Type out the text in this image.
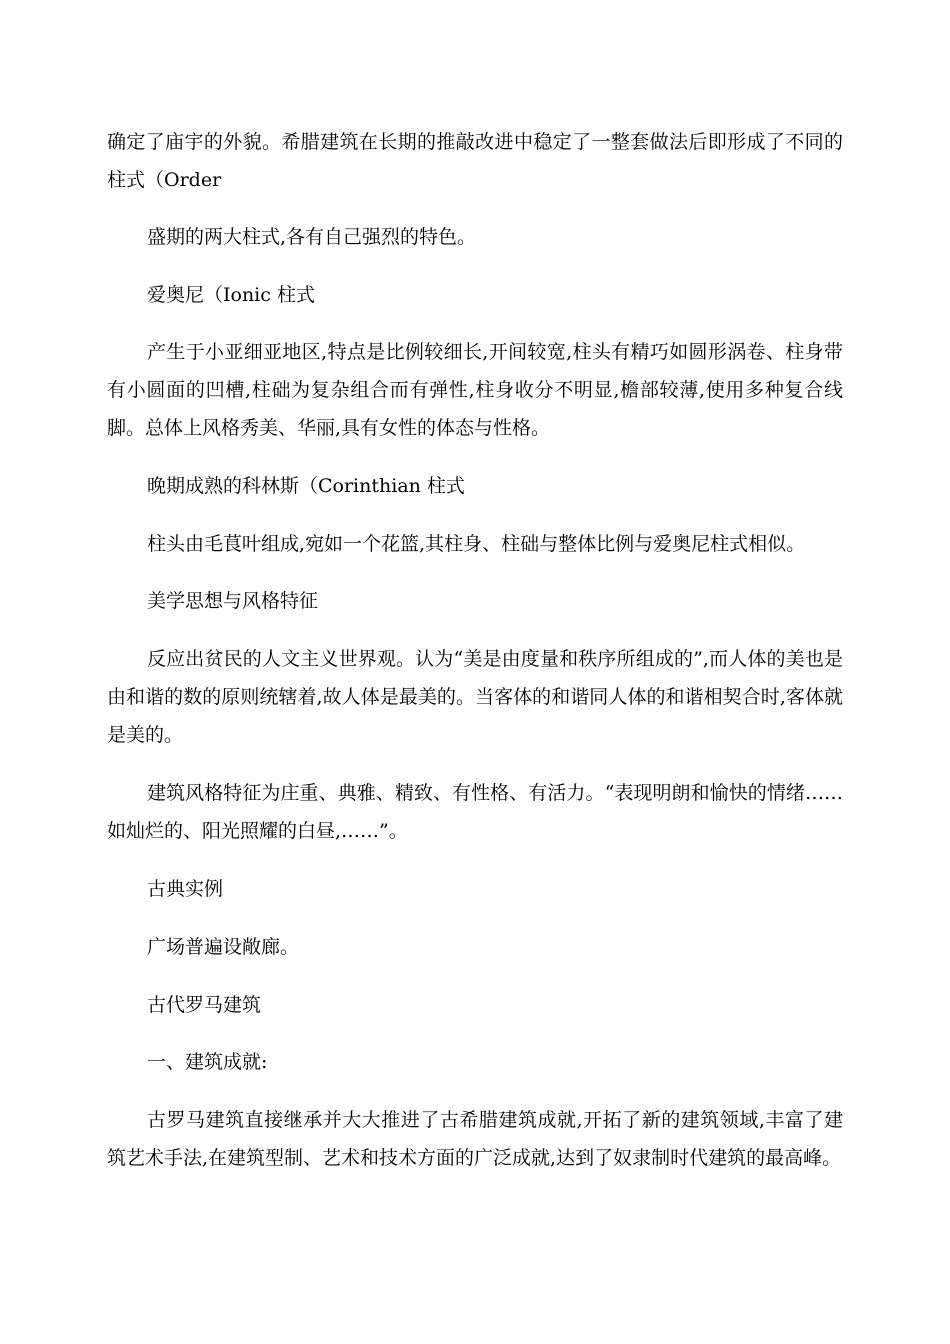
确定了庙宇的外貌。希腊建筑在长期的推敲改进中稳定了一整套做法后即形成了不同的柱式（Order

盛期的两大柱式,各有自己强烈的特色。

爱奥尼（Ionic 柱式

产生于小亚细亚地区,特点是比例较细长,开间较宽,柱头有精巧如圆形涡卷、柱身带有小圆面的凹槽,柱础为复杂组合而有弹性,柱身收分不明显,檐部较薄,使用多种复合线脚。总体上风格秀美、华丽,具有女性的体态与性格。

晚期成熟的科林斯（Corinthian 柱式

柱头由毛茛叶组成,宛如一个花篮,其柱身、柱础与整体比例与爱奥尼柱式相似。

美学思想与风格特征

反应出贫民的人文主义世界观。认为“美是由度量和秩序所组成的”,而人体的美也是由和谐的数的原则统辖着,故人体是最美的。当客体的和谐同人体的和谐相契合时,客体就是美的。

建筑风格特征为庄重、典雅、精致、有性格、有活力。“表现明朗和愉快的情绪……如灿烂的、阳光照耀的白昼,……”。

古典实例

广场普遍设敞廊。

古代罗马建筑

一、建筑成就:

古罗马建筑直接继承并大大推进了古希腊建筑成就,开拓了新的建筑领域,丰富了建筑艺术手法,在建筑型制、艺术和技术方面的广泛成就,达到了奴隶制时代建筑的最高峰。
